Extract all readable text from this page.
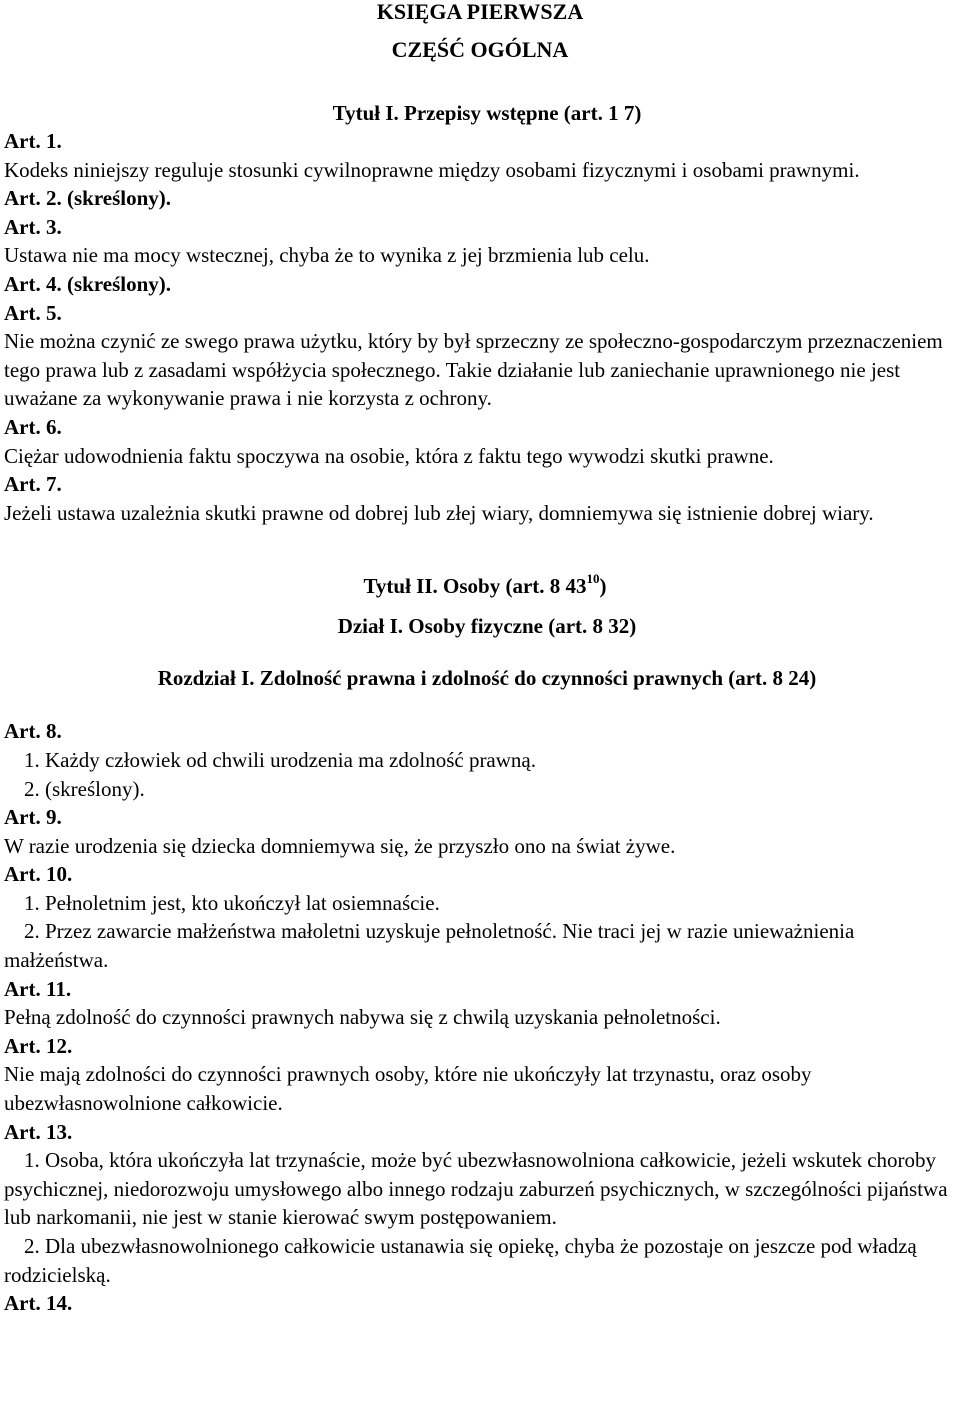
KSIĘGA PIERWSZA
CZĘŚĆ OGÓLNA
Tytuł I. Przepisy wstępne (art. 1 7)

Art. 1.

Kodeks niniejszy reguluje stosunki cywilnoprawne między osobami fizycznymi i osobami prawnymi.

Art. 2. (skreślony).

Art. 3.

Ustawa nie ma mocy wstecznej, chyba że to wynika z jej brzmienia lub celu.

Art. 4. (skreślony).

Art. 5.

Nie można czynić ze swego prawa użytku, który by był sprzeczny ze społeczno-gospodarczym przeznaczeniem tego prawa lub z zasadami współżycia społecznego. Takie działanie lub zaniechanie uprawnionego nie jest uważane za wykonywanie prawa i nie korzysta z ochrony.

Art. 6.

Ciężar udowodnienia faktu spoczywa na osobie, która z faktu tego wywodzi skutki prawne.

Art. 7.

Jeżeli ustawa uzależnia skutki prawne od dobrej lub złej wiary, domniemywa się istnienie dobrej wiary.

Tytuł II. Osoby (art. 8 $43^{10}$)
Dział I. Osoby fizyczne (art. 8 32)
Rozdział I. Zdolność prawna i zdolność do czynności prawnych (art. 8 24)

Art. 8.

1. Każdy człowiek od chwili urodzenia ma zdolność prawną.

2. (skreślony).

Art. 9.

W razie urodzenia się dziecka domniemywa się, że przyszło ono na świat żywe.

Art. 10.

1. Pełnoletnim jest, kto ukończył lat osiemnaście.

2. Przez zawarcie małżeństwa małoletni uzyskuje pełnoletność. Nie traci jej w razie unieważnienia małżeństwa.

Art. 11.

Pełną zdolność do czynności prawnych nabywa się z chwilą uzyskania pełnoletności.

Art. 12.

Nie mają zdolności do czynności prawnych osoby, które nie ukończyły lat trzynastu, oraz osoby ubezwłasnowolnione całkowicie.

Art. 13.

1. Osoba, która ukończyła lat trzynaście, może być ubezwłasnowolniona całkowicie, jeżeli wskutek choroby psychicznej, niedorozwoju umysłowego albo innego rodzaju zaburzeń psychicznych, w szczególności pijaństwa lub narkomanii, nie jest w stanie kierować swym postępowaniem.

2. Dla ubezwłasnowolnionego całkowicie ustanawia się opiekę, chyba że pozostaje on jeszcze pod władzą rodzicielską.

Art. 14.
